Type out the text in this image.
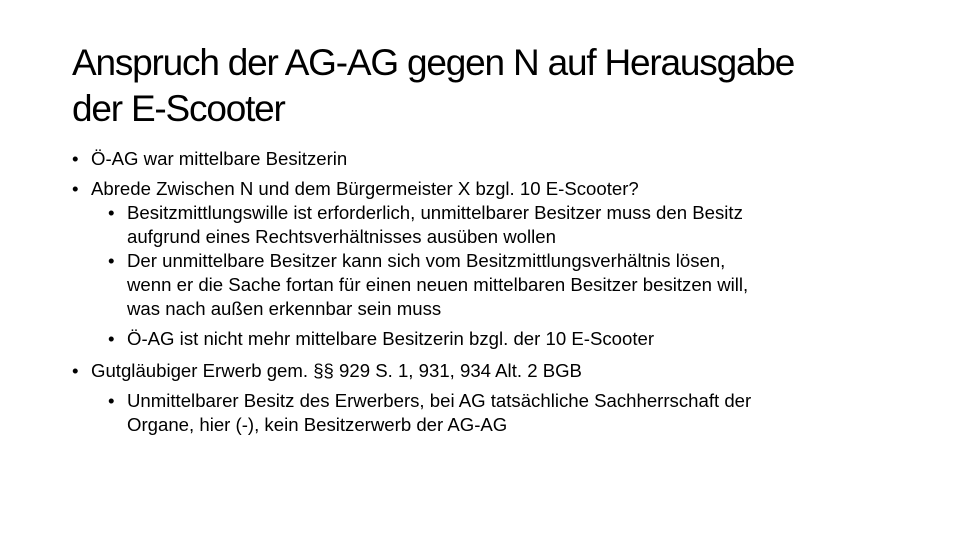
Anspruch der AG-AG gegen N auf Herausgabe
der E-Scooter

• Ö-AG war mittelbare Besitzerin

• Abrede Zwischen N und dem Bürgermeister X bzgl. 10 E-Scooter?

• Besitzmittlungswille ist erforderlich, unmittelbarer Besitzer muss den Besitz
aufgrund eines Rechtsverhältnisses ausüben wollen

• Der unmittelbare Besitzer kann sich vom Besitzmittlungsverhältnis lösen,
wenn er die Sache fortan für einen neuen mittelbaren Besitzer besitzen will,
was nach außen erkennbar sein muss

• Ö-AG ist nicht mehr mittelbare Besitzerin bzgl. der 10 E-Scooter

• Gutgläubiger Erwerb gem. §§ 929 S. 1, 931, 934 Alt. 2 BGB

• Unmittelbarer Besitz des Erwerbers, bei AG tatsächliche Sachherrschaft der
Organe, hier (-), kein Besitzerwerb der AG-AG
